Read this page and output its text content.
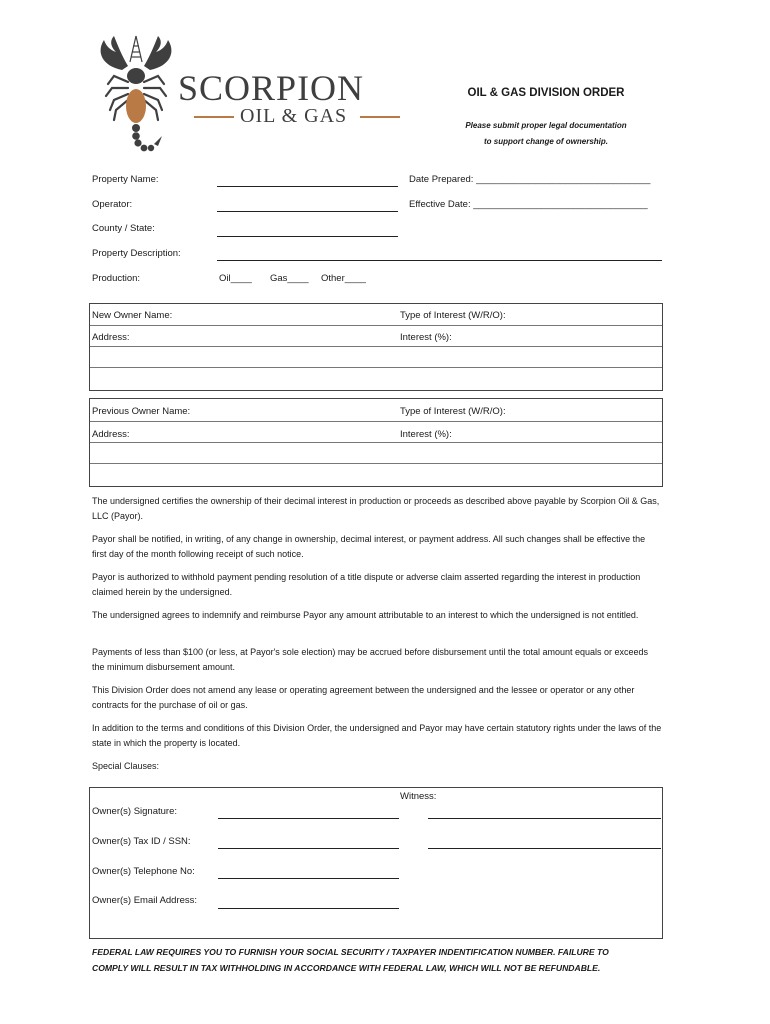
SCORPION
OIL & GAS
OIL & GAS DIVISION ORDER
Please submit proper legal documentation
to support change of ownership.
Property Name:	Date Prepared: _________________________________
Operator:	Effective Date: _________________________________
County / State:
Property Description:
Production:	Oil____ Gas____ Other____
New Owner Name:	Type of Interest (W/R/O):
Address:	Interest (%):
Previous Owner Name:	Type of Interest (W/R/O):
Address:	Interest (%):
The undersigned certifies the ownership of their decimal interest in production or proceeds as described above payable by Scorpion Oil & Gas, LLC (Payor).
Payor shall be notified, in writing, of any change in ownership, decimal interest, or payment address. All such changes shall be effective the first day of the month following receipt of such notice.
Payor is authorized to withhold payment pending resolution of a title dispute or adverse claim asserted regarding the interest in production claimed herein by the undersigned.
The undersigned agrees to indemnify and reimburse Payor any amount attributable to an interest to which the undersigned is not entitled.
Payments of less than $100 (or less, at Payor's sole election) may be accrued before disbursement until the total amount equals or exceeds the minimum disbursement amount.
This Division Order does not amend any lease or operating agreement between the undersigned and the lessee or operator or any other contracts for the purchase of oil or gas.
In addition to the terms and conditions of this Division Order, the undersigned and Payor may have certain statutory rights under the laws of the state in which the property is located.
Special Clauses:
Witness:
Owner(s) Signature:
Owner(s) Tax ID / SSN:
Owner(s) Telephone No:
Owner(s) Email Address:
FEDERAL LAW REQUIRES YOU TO FURNISH YOUR SOCIAL SECURITY / TAXPAYER INDENTIFICATION NUMBER. FAILURE TO
COMPLY WILL RESULT IN TAX WITHHOLDING IN ACCORDANCE WITH FEDERAL LAW, WHICH WILL NOT BE REFUNDABLE.
